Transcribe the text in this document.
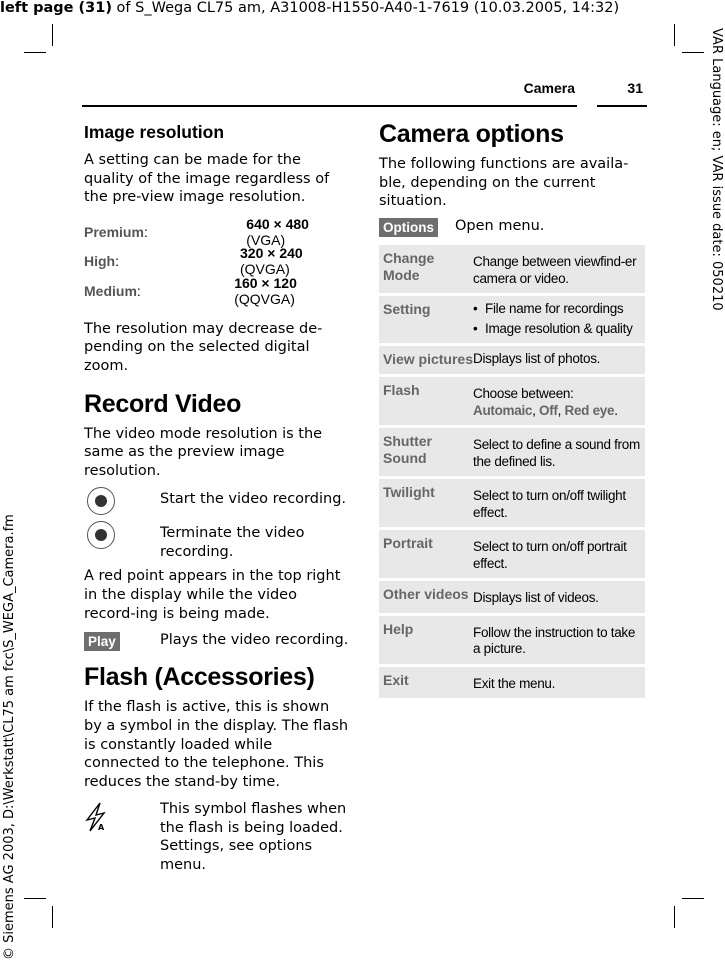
left page (31) of S_Wega CL75 am, A31008-H1550-A40-1-7619 (10.03.2005, 14:32)
VAR Language: en; VAR issue date: 050210
© Siemens AG 2003, D:\Werkstatt\CL75 am fcc\S_WEGA_Camera.fm
Camera	31
Image resolution

A setting can be made for the quality of the image regardless of the pre-view image resolution.

Premium:	640 × 480 (VGA)
High:	320 × 240 (QVGA)
Medium:	160 × 120 (QQVGA)

The resolution may decrease de-pending on the selected digital zoom.

Record Video

The video mode resolution is the same as the preview image resolution.

Start the video recording.
Terminate the video recording.

A red point appears in the top right in the display while the video record-ing is being made.

Play	Plays the video recording.
Flash (Accessories)

If the flash is active, this is shown by a symbol in the display. The flash is constantly loaded while connected to the telephone. This reduces the stand-by time.

A
This symbol flashes when the flash is being loaded. Settings, see options menu.
Camera options

The following functions are availa-ble, depending on the current situation.

Options	Open menu.
Change Mode
Change between viewfind-er camera or video.
Setting
•	File name for recordings
• Image resolution & quality
View pictures Displays list of photos.
Flash	Choose between:
Automaic, Off, Red eye.
Shutter Sound
Select to define a sound from the defined lis.
Twilight	Select to turn on/off twilight effect.
Portrait	Select to turn on/off portrait effect.
Other videos Displays list of videos.
Help	Follow the instruction to take a picture.
Exit	Exit the menu.
